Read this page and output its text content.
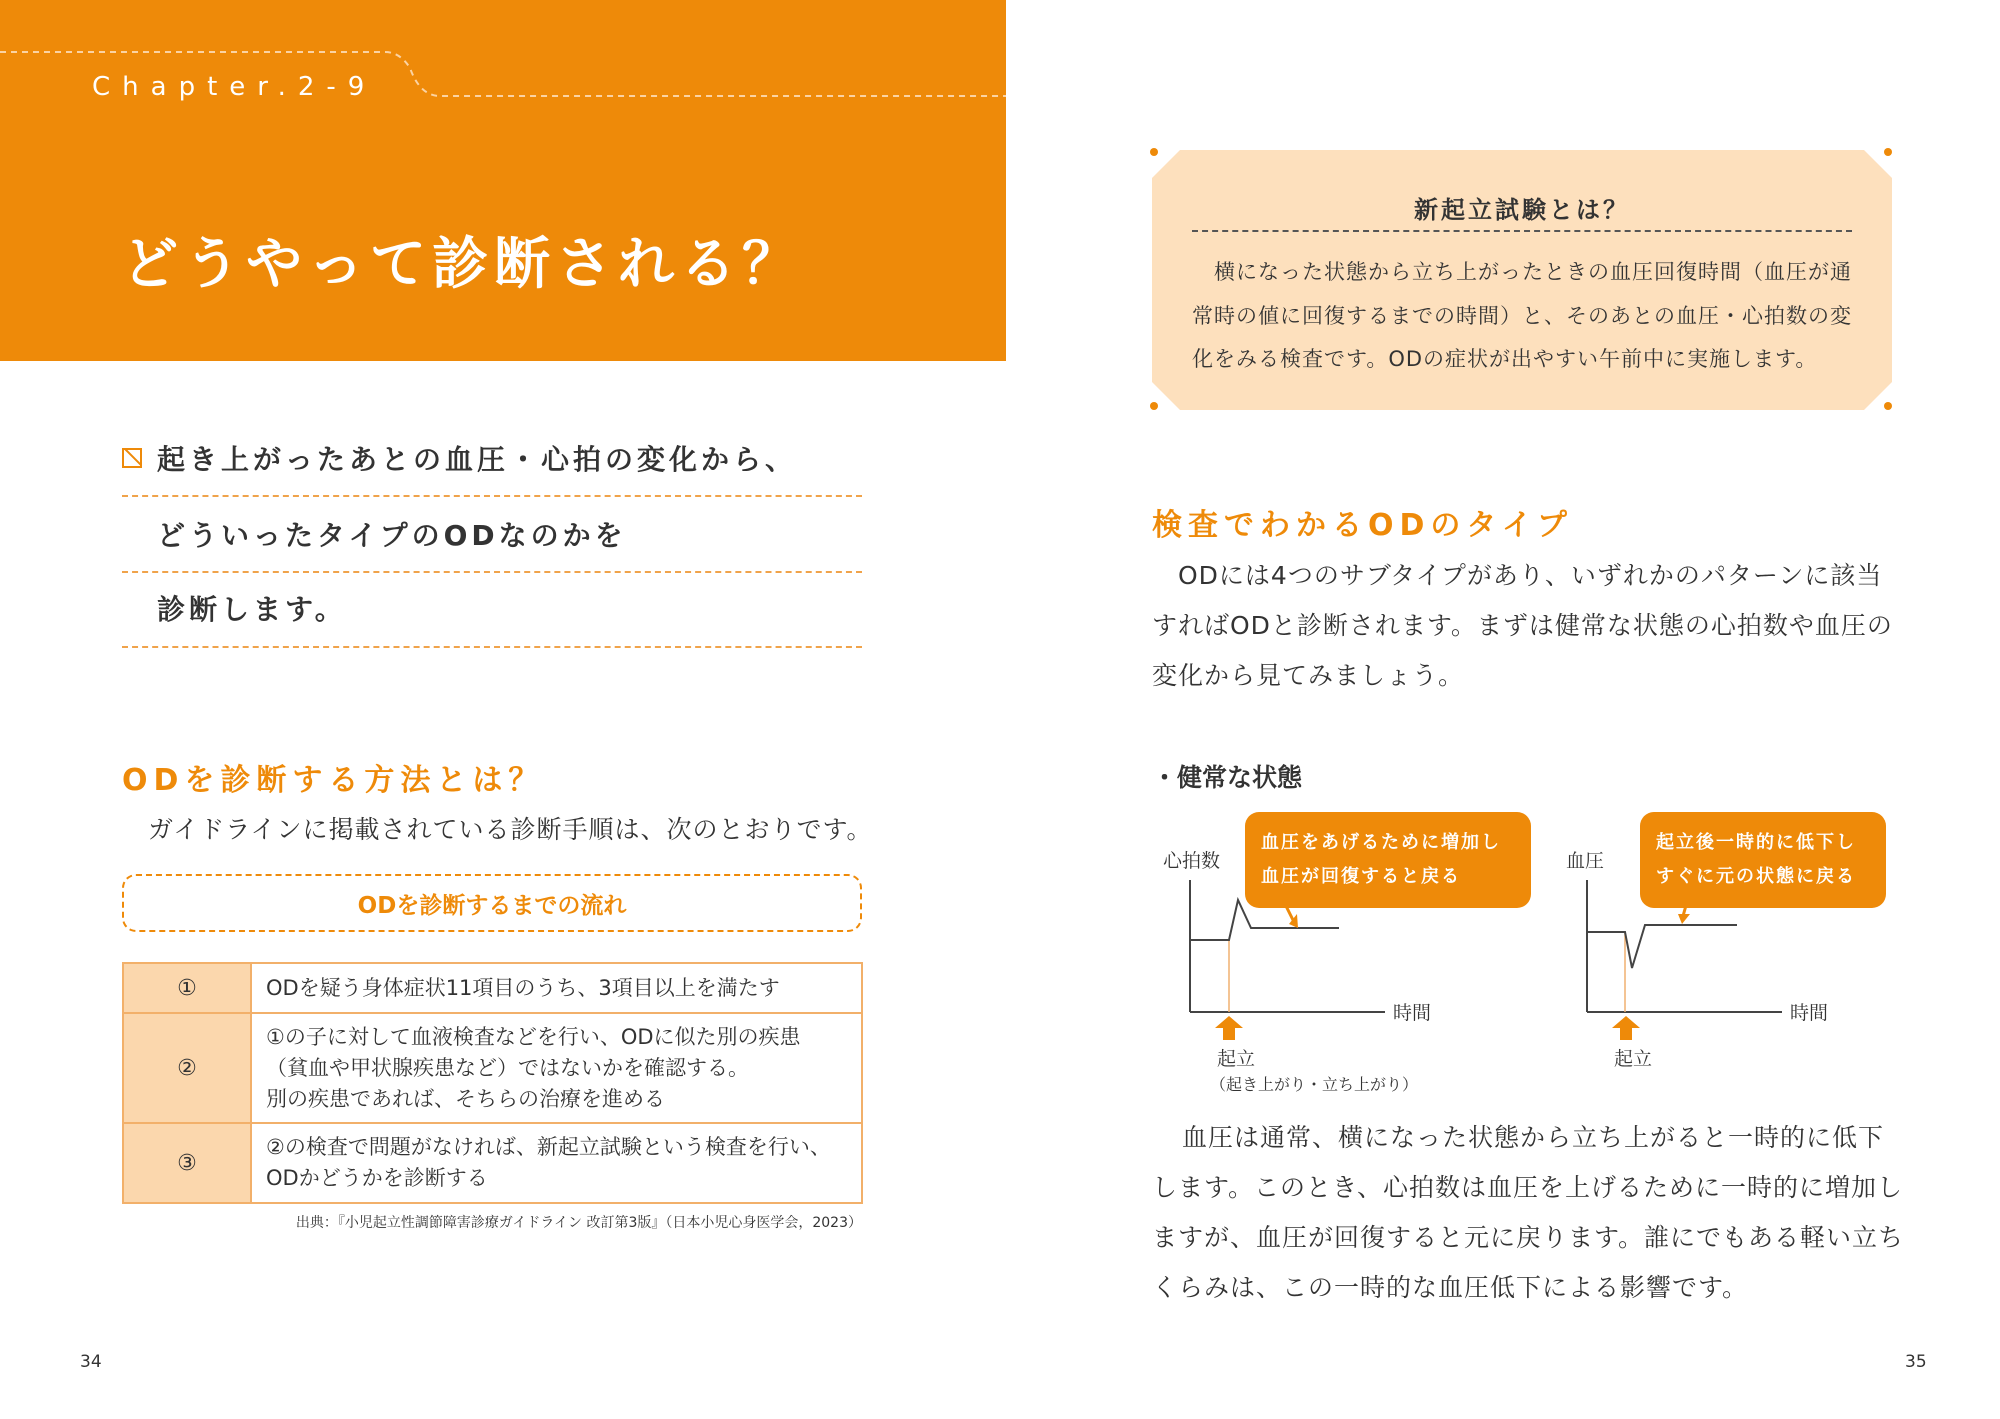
Chapter.2-9
どうやって診断される？
起き上がったあとの血圧・心拍の変化から、
どういったタイプのODなのかを
診断します。
ODを診断する方法とは？
ガイドラインに掲載されている診断手順は、次のとおりです。
ODを診断するまでの流れ
①	ODを疑う身体症状11項目のうち、3項目以上を満たす

②	①の子に対して血液検査などを行い、ODに似た別の疾患
（貧血や甲状腺疾患など）ではないかを確認する。
別の疾患であれば、そちらの治療を進める

③	②の検査で問題がなければ、新起立試験という検査を行い、
ODかどうかを診断する
出典：『小児起立性調節障害診療ガイドライン 改訂第3版』（日本小児心身医学会，2023）
34	35
新起立試験とは？
横になった状態から立ち上がったときの血圧回復時間（血圧が通
常時の値に回復するまでの時間）と、そのあとの血圧・心拍数の変
化をみる検査です。ODの症状が出やすい午前中に実施します。
検査でわかるODのタイプ
ODには4つのサブタイプがあり、いずれかのパターンに該当
すればODと診断されます。まずは健常な状態の心拍数や血圧の
変化から見てみましょう。
・健常な状態
心拍数
血圧をあげるために増加し
血圧が回復すると戻る
時間
起立
（起き上がり・立ち上がり）
血圧
起立後一時的に低下し
すぐに元の状態に戻る
時間
起立
血圧は通常、横になった状態から立ち上がると一時的に低下
します。このとき、心拍数は血圧を上げるために一時的に増加し
ますが、血圧が回復すると元に戻ります。誰にでもある軽い立ち
くらみは、この一時的な血圧低下による影響です。
